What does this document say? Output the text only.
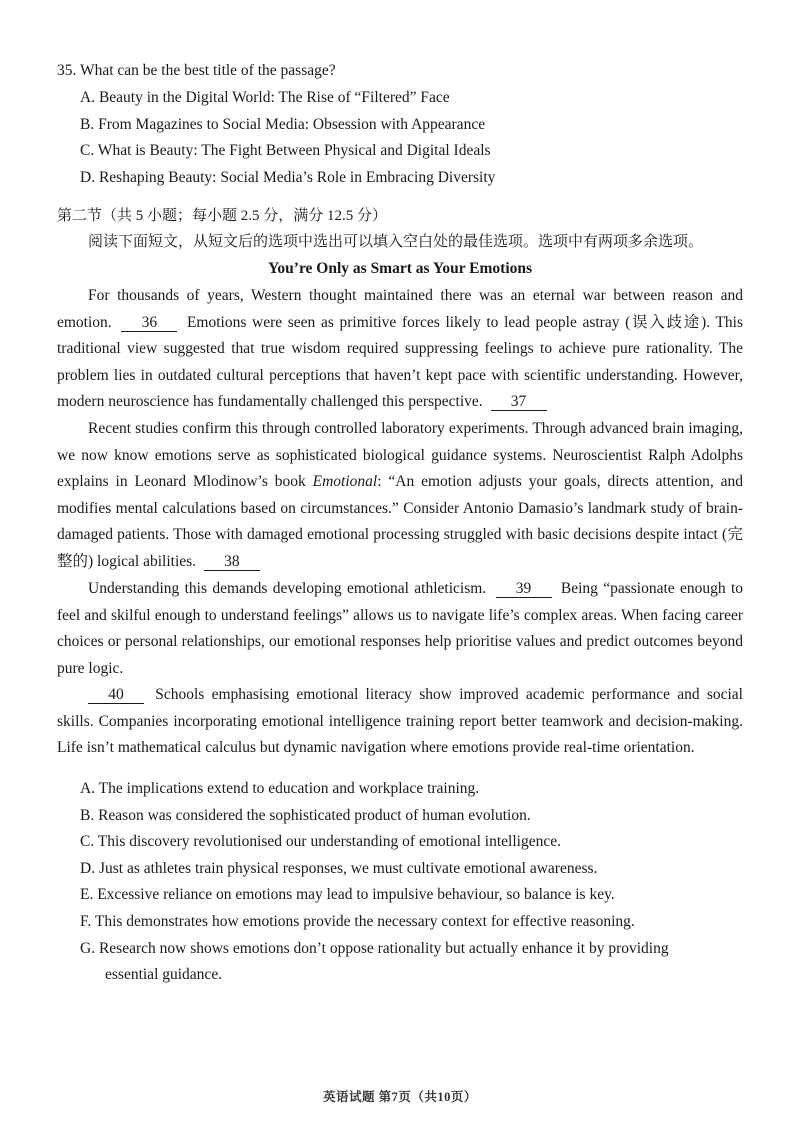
35. What can be the best title of the passage?
A. Beauty in the Digital World: The Rise of “Filtered” Face
B. From Magazines to Social Media: Obsession with Appearance
C. What is Beauty: The Fight Between Physical and Digital Ideals
D. Reshaping Beauty: Social Media’s Role in Embracing Diversity
第二节（共 5 小题；每小题 2.5 分，满分 12.5 分）
阅读下面短文，从短文后的选项中选出可以填入空白处的最佳选项。选项中有两项多余选项。
You’re Only as Smart as Your Emotions

For thousands of years, Western thought maintained there was an eternal war between reason and emotion. 36 Emotions were seen as primitive forces likely to lead people astray (误入歧途). This traditional view suggested that true wisdom required suppressing feelings to achieve pure rationality. The problem lies in outdated cultural perceptions that haven’t kept pace with scientific understanding. However, modern neuroscience has fundamentally challenged this perspective. 37

Recent studies confirm this through controlled laboratory experiments. Through advanced brain imaging, we now know emotions serve as sophisticated biological guidance systems. Neuroscientist Ralph Adolphs explains in Leonard Mlodinow’s book Emotional: “An emotion adjusts your goals, directs attention, and modifies mental calculations based on circumstances.” Consider Antonio Damasio’s landmark study of brain-damaged patients. Those with damaged emotional processing struggled with basic decisions despite intact (完整的) logical abilities. 38

Understanding this demands developing emotional athleticism. 39 Being “passionate enough to feel and skilful enough to understand feelings” allows us to navigate life’s complex areas. When facing career choices or personal relationships, our emotional responses help prioritise values and predict outcomes beyond pure logic.

40 Schools emphasising emotional literacy show improved academic performance and social skills. Companies incorporating emotional intelligence training report better teamwork and decision-making. Life isn’t mathematical calculus but dynamic navigation where emotions provide real-time orientation.

A. The implications extend to education and workplace training.
B. Reason was considered the sophisticated product of human evolution.
C. This discovery revolutionised our understanding of emotional intelligence.
D. Just as athletes train physical responses, we must cultivate emotional awareness.
E. Excessive reliance on emotions may lead to impulsive behaviour, so balance is key.
F. This demonstrates how emotions provide the necessary context for effective reasoning.
G. Research now shows emotions don’t oppose rationality but actually enhance it by providing essential guidance.
英语试题 第7页（共10页）
